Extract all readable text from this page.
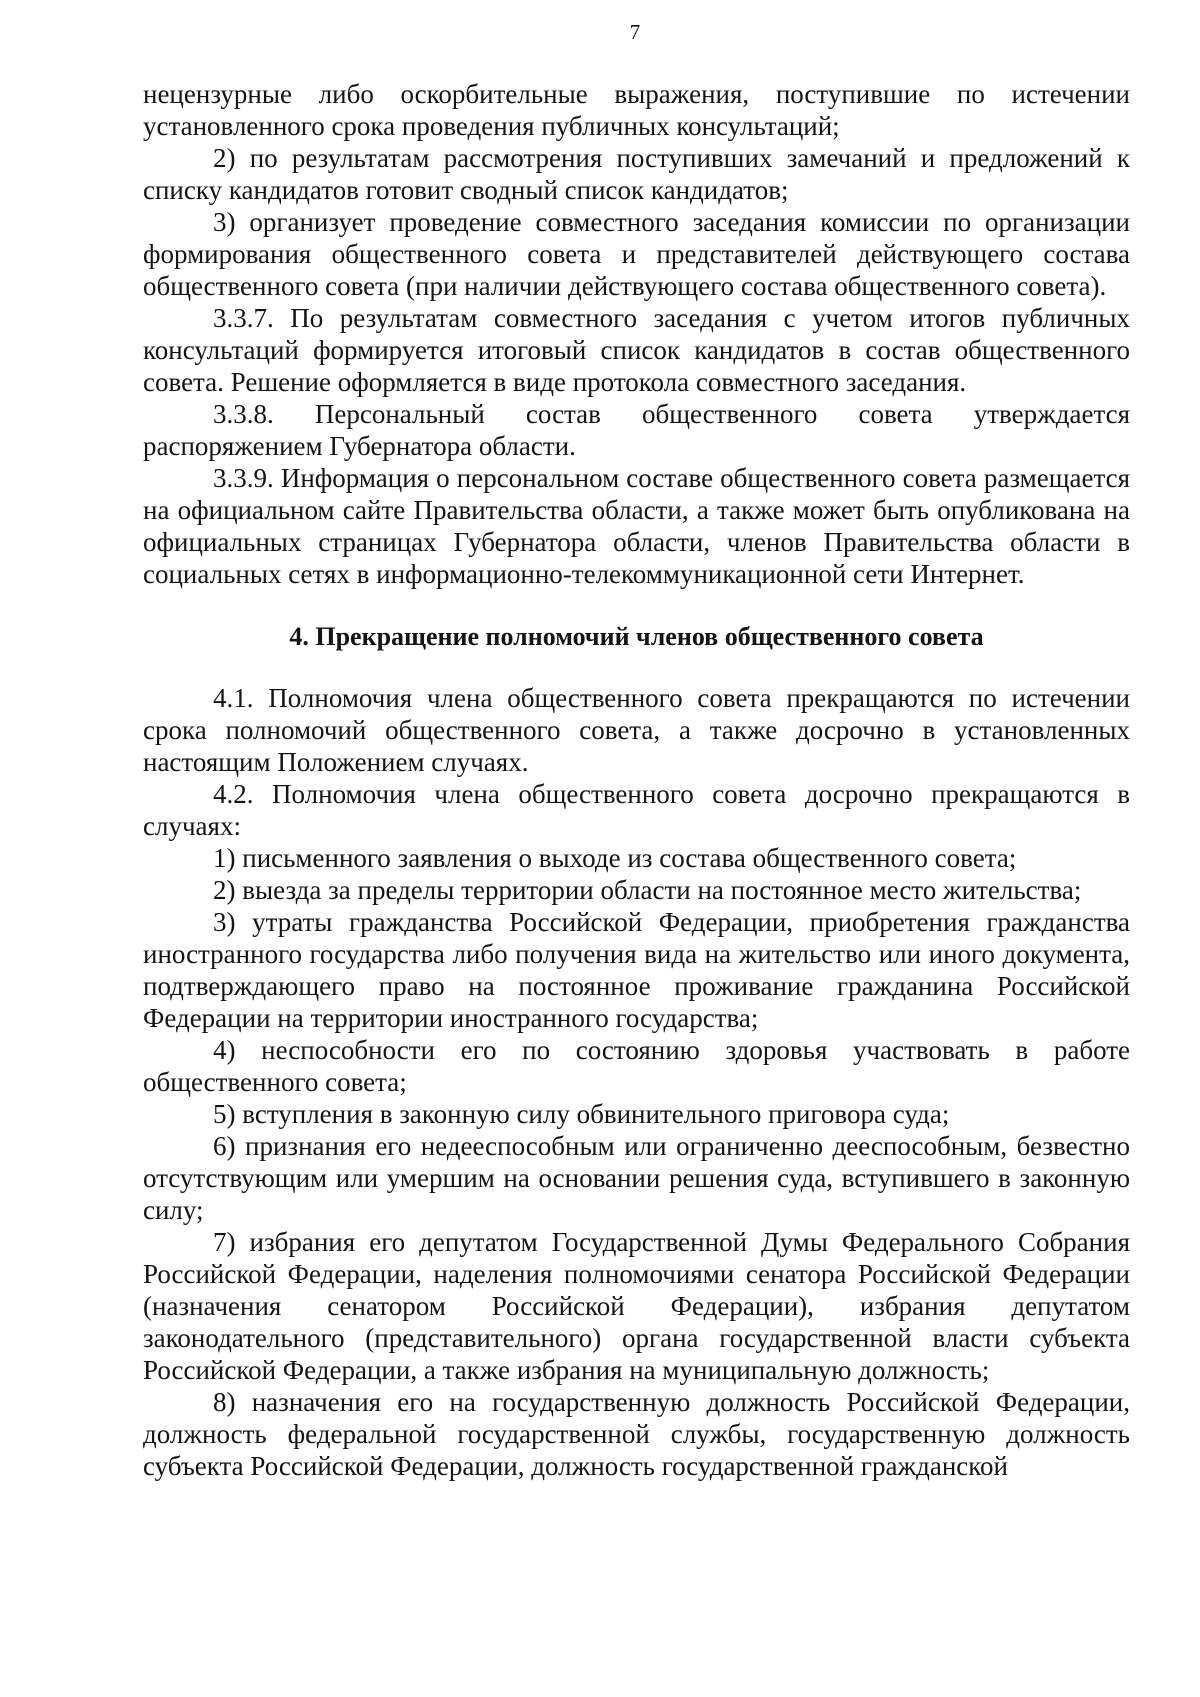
7

нецензурные либо оскорбительные выражения, поступившие по истечении установленного срока проведения публичных консультаций;

2) по результатам рассмотрения поступивших замечаний и предложений к списку кандидатов готовит сводный список кандидатов;

3) организует проведение совместного заседания комиссии по организации формирования общественного совета и представителей действующего состава общественного совета (при наличии действующего состава общественного совета).

3.3.7. По результатам совместного заседания с учетом итогов публичных консультаций формируется итоговый список кандидатов в состав общественного совета. Решение оформляется в виде протокола совместного заседания.

3.3.8. Персональный состав общественного совета утверждается распоряжением Губернатора области.

3.3.9. Информация о персональном составе общественного совета размещается на официальном сайте Правительства области, а также может быть опубликована на официальных страницах Губернатора области, членов Правительства области в социальных сетях в информационно-телекоммуникационной сети Интернет.

4. Прекращение полномочий членов общественного совета

4.1. Полномочия члена общественного совета прекращаются по истечении срока полномочий общественного совета, а также досрочно в установленных настоящим Положением случаях.

4.2. Полномочия члена общественного совета досрочно прекращаются в случаях:

1) письменного заявления о выходе из состава общественного совета;

2) выезда за пределы территории области на постоянное место жительства;

3) утраты гражданства Российской Федерации, приобретения гражданства иностранного государства либо получения вида на жительство или иного документа, подтверждающего право на постоянное проживание гражданина Российской Федерации на территории иностранного государства;

4) неспособности его по состоянию здоровья участвовать в работе общественного совета;

5) вступления в законную силу обвинительного приговора суда;

6) признания его недееспособным или ограниченно дееспособным, безвестно отсутствующим или умершим на основании решения суда, вступившего в законную силу;

7) избрания его депутатом Государственной Думы Федерального Собрания Российской Федерации, наделения полномочиями сенатора Российской Федерации (назначения сенатором Российской Федерации), избрания депутатом законодательного (представительного) органа государственной власти субъекта Российской Федерации, а также избрания на муниципальную должность;

8) назначения его на государственную должность Российской Федерации, должность федеральной государственной службы, государственную должность субъекта Российской Федерации, должность государственной гражданской
